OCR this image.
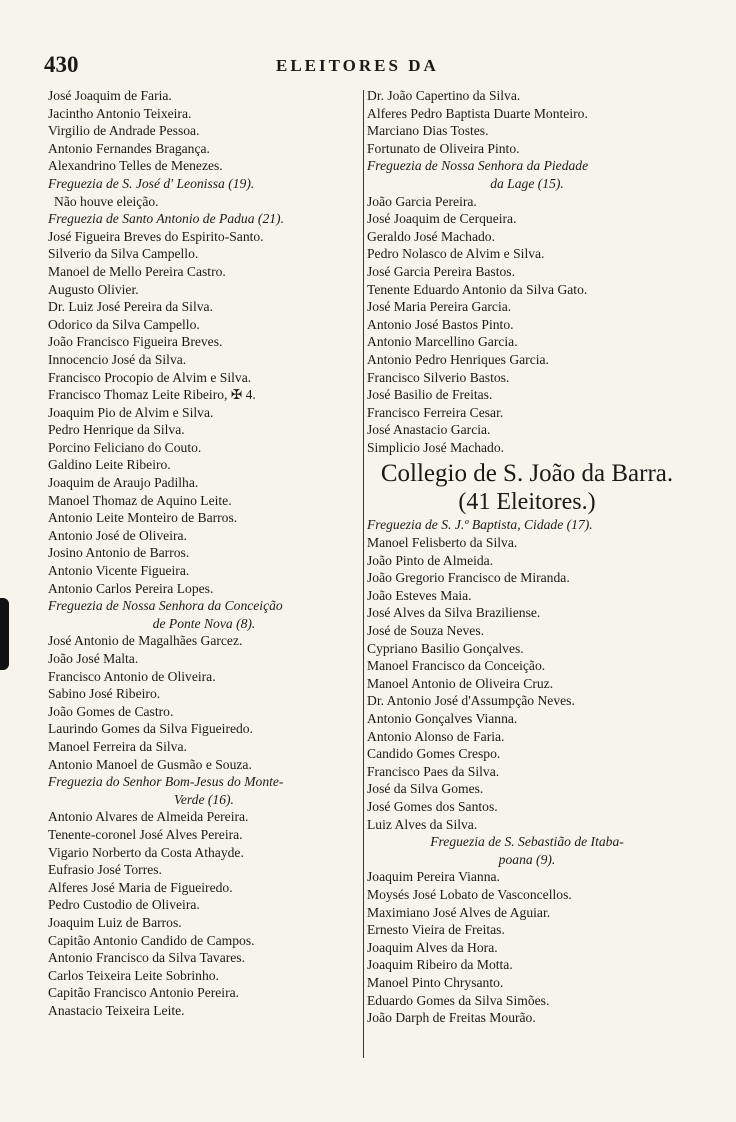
430	ELEITORES DA
José Joaquim de Faria.
Jacintho Antonio Teixeira.
Virgilio de Andrade Pessoa.
Antonio Fernandes Bragança.
Alexandrino Telles de Menezes.
Freguezia de S. José d' Leonissa (19).
Não houve eleição.
Freguezia de Santo Antonio de Padua (21).
José Figueira Breves do Espirito-Santo.
Silverio da Silva Campello.
Manoel de Mello Pereira Castro.
Augusto Olivier.
Dr. Luiz José Pereira da Silva.
Odorico da Silva Campello.
João Francisco Figueira Breves.
Innocencio José da Silva.
Francisco Procopio de Alvim e Silva.
Francisco Thomaz Leite Ribeiro, ✠ 4.
Joaquim Pio de Alvim e Silva.
Pedro Henrique da Silva.
Porcino Feliciano do Couto.
Galdino Leite Ribeiro.
Joaquim de Araujo Padilha.
Manoel Thomaz de Aquino Leite.
Antonio Leite Monteiro de Barros.
Antonio José de Oliveira.
Josino Antonio de Barros.
Antonio Vicente Figueira.
Antonio Carlos Pereira Lopes.
Freguezia de Nossa Senhora da Conceição
de Ponte Nova (8).
José Antonio de Magalhães Garcez.
João José Malta.
Francisco Antonio de Oliveira.
Sabino José Ribeiro.
João Gomes de Castro.
Laurindo Gomes da Silva Figueiredo.
Manoel Ferreira da Silva.
Antonio Manoel de Gusmão e Souza.
Freguezia do Senhor Bom-Jesus do Monte-
Verde (16).
Antonio Alvares de Almeida Pereira.
Tenente-coronel José Alves Pereira.
Vigario Norberto da Costa Athayde.
Eufrasio José Torres.
Alferes José Maria de Figueiredo.
Pedro Custodio de Oliveira.
Joaquim Luiz de Barros.
Capitão Antonio Candido de Campos.
Antonio Francisco da Silva Tavares.
Carlos Teixeira Leite Sobrinho.
Capitão Francisco Antonio Pereira.
Anastacio Teixeira Leite.
Dr. João Capertino da Silva.
Alferes Pedro Baptista Duarte Monteiro.
Marciano Dias Tostes.
Fortunato de Oliveira Pinto.
Freguezia de Nossa Senhora da Piedade
da Lage (15).
João Garcia Pereira.
José Joaquim de Cerqueira.
Geraldo José Machado.
Pedro Nolasco de Alvim e Silva.
José Garcia Pereira Bastos.
Tenente Eduardo Antonio da Silva Gato.
José Maria Pereira Garcia.
Antonio José Bastos Pinto.
Antonio Marcellino Garcia.
Antonio Pedro Henriques Garcia.
Francisco Silverio Bastos.
José Basilio de Freitas.
Francisco Ferreira Cesar.
José Anastacio Garcia.
Simplicio José Machado.
Collegio de S. João da Barra.
(41 Eleitores.)
Freguezia de S. J.º Baptista, Cidade (17).
Manoel Felisberto da Silva.
João Pinto de Almeida.
João Gregorio Francisco de Miranda.
João Esteves Maia.
José Alves da Silva Braziliense.
José de Souza Neves.
Cypriano Basilio Gonçalves.
Manoel Francisco da Conceição.
Manoel Antonio de Oliveira Cruz.
Dr. Antonio José d'Assumpção Neves.
Antonio Gonçalves Vianna.
Antonio Alonso de Faria.
Candido Gomes Crespo.
Francisco Paes da Silva.
José da Silva Gomes.
José Gomes dos Santos.
Luiz Alves da Silva.
Freguezia de S. Sebastião de Itaba-
poana (9).
Joaquim Pereira Vianna.
Moysés José Lobato de Vasconcellos.
Maximiano José Alves de Aguiar.
Ernesto Vieira de Freitas.
Joaquim Alves da Hora.
Joaquim Ribeiro da Motta.
Manoel Pinto Chrysanto.
Eduardo Gomes da Silva Simões.
João Darph de Freitas Mourão.
